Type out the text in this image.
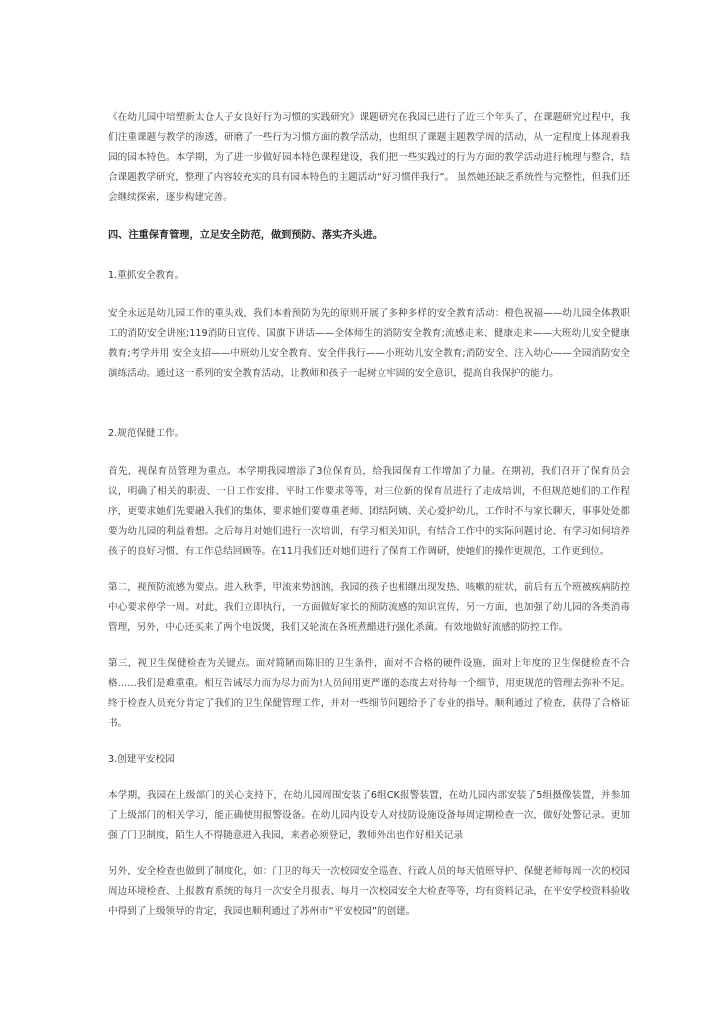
《在幼儿园中培塑新太仓人子女良好行为习惯的实践研究》课题研究在我园已进行了近三个年头了，在课题研究过程中，我们注重课题与教学的渗透，研磨了一些行为习惯方面的教学活动，也组织了课题主题教学周的活动，从一定程度上体现着我园的园本特色。本学期，为了进一步做好园本特色课程建设，我们把一些实践过的行为方面的教学活动进行梳理与整合，结合课题教学研究，整理了内容较充实的具有园本特色的主题活动“好习惯伴我行”。 虽然她还缺乏系统性与完整性，但我们还会继续探索，逐步构建完善。

四、注重保育管理，立足安全防范，做到预防、落实齐头进。

1.重抓安全教育。

安全永远是幼儿园工作的重头戏，我们本着预防为先的原则开展了多种多样的安全教育活动：橙色祝福——幼儿园全体教职工的消防安全讲座;119消防日宣传、国旗下讲话——全体师生的消防安全教育;流感走来、健康走来——大班幼儿安全健康教育;考学并用 安全支招——中班幼儿安全教育、安全伴我行——小班幼儿安全教育;消防安全、注入幼心——全园消防安全演练活动。通过这一系列的安全教育活动，让教师和孩子一起树立牢固的安全意识，提高自我保护的能力。

2.规范保健工作。

首先，视保育员管理为重点。本学期我园增添了3位保育员，给我园保育工作增加了力量。在期初，我们召开了保育员会议，明确了相关的职责、一日工作安排、平时工作要求等等，对三位新的保育员进行了走成培训，不但规范她们的工作程序，更要求她们先要融入我们的集体，要求她们要尊重老师、团结阿姨、关心爱护幼儿，工作时不与家长聊天，事事处处都要为幼儿园的利益着想。之后每月对她们进行一次培训，有学习相关知识，有结合工作中的实际问题讨论、有学习如何培养孩子的良好习惯、有工作总结回顾等。在11月我们还对她们进行了保育工作调研，使她们的操作更规范，工作更到位。

第二，视预防流感为要点。进入秋季，甲流来势汹汹，我园的孩子也相继出现发热、咳嗽的症状，前后有五个班被疾病防控中心要求停学一周。对此，我们立即执行，一方面做好家长的预防流感的知识宣传，另一方面，也加强了幼儿园的各类消毒管理，另外，中心还买来了两个电饭煲，我们又轮流在各班煮醋进行强化杀菌。有效地做好流感的防控工作。

第三，视卫生保健检查为关键点。面对简陋而陈旧的卫生条件，面对不合格的硬件设施，面对上年度的卫生保健检查不合格……我们是难重重。相互告诫尽力而为尽力而为!人员间用更严谨的态度去对待每一个细节，用更规范的管理去弥补不足。终于检查人员充分肯定了我们的卫生保健管理工作，并对一些细节问题给予了专业的指导。顺利通过了检查，获得了合格证书。

3.创建平安校园

本学期，我园在上级部门的关心支持下，在幼儿园周围安装了6组CK报警装置，在幼儿园内部安装了5组摄像装置，并参加了上级部门的相关学习，能正确使用报警设备。在幼儿园内设专人对技防设施设备每周定期检查一次，做好处警记录。更加强了门卫制度，陌生人不得随意进入我园，来者必须登记，教师外出也作好相关记录

另外，安全检查也做到了制度化，如：门卫的每天一次校园安全巡查、行政人员的每天值班导护、保健老师每周一次的校园周边环境检查、上报教育系统的每月一次安全月报表、每月一次校园安全大检查等等，均有资料记录，在平安学校资料验收中得到了上级领导的肯定，我园也顺利通过了苏州市“平安校园”的创建。
